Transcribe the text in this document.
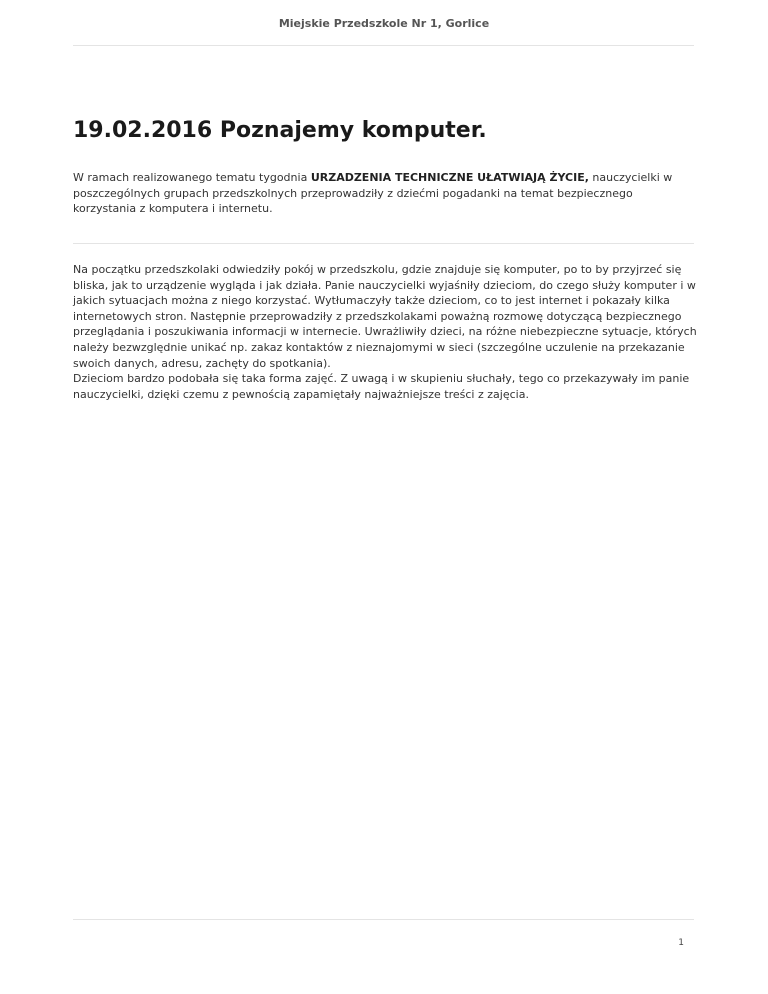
Miejskie Przedszkole Nr 1, Gorlice
19.02.2016 Poznajemy komputer.

W ramach realizowanego tematu tygodnia URZADZENIA TECHNICZNE UŁATWIAJĄ ŻYCIE, nauczycielki w poszczególnych grupach przedszkolnych przeprowadziły z dziećmi pogadanki na temat bezpiecznego korzystania z komputera i internetu.

Na początku przedszkolaki odwiedziły pokój w przedszkolu, gdzie znajduje się komputer, po to by przyjrzeć się bliska, jak to urządzenie wygląda i jak działa. Panie nauczycielki wyjaśniły dzieciom, do czego służy komputer i w jakich sytuacjach można z niego korzystać. Wytłumaczyły także dzieciom, co to jest internet i pokazały kilka internetowych stron. Następnie przeprowadziły z przedszkolakami poważną rozmowę dotyczącą bezpiecznego przeglądania i poszukiwania informacji w internecie. Uwrażliwiły dzieci, na różne niebezpieczne sytuacje, których należy bezwzględnie unikać np. zakaz kontaktów z nieznajomymi w sieci (szczególne uczulenie na przekazanie swoich danych, adresu, zachęty do spotkania).

Dzieciom bardzo podobała się taka forma zajęć. Z uwagą i w skupieniu słuchały, tego co przekazywały im panie nauczycielki, dzięki czemu z pewnością zapamiętały najważniejsze treści z zajęcia.

1
